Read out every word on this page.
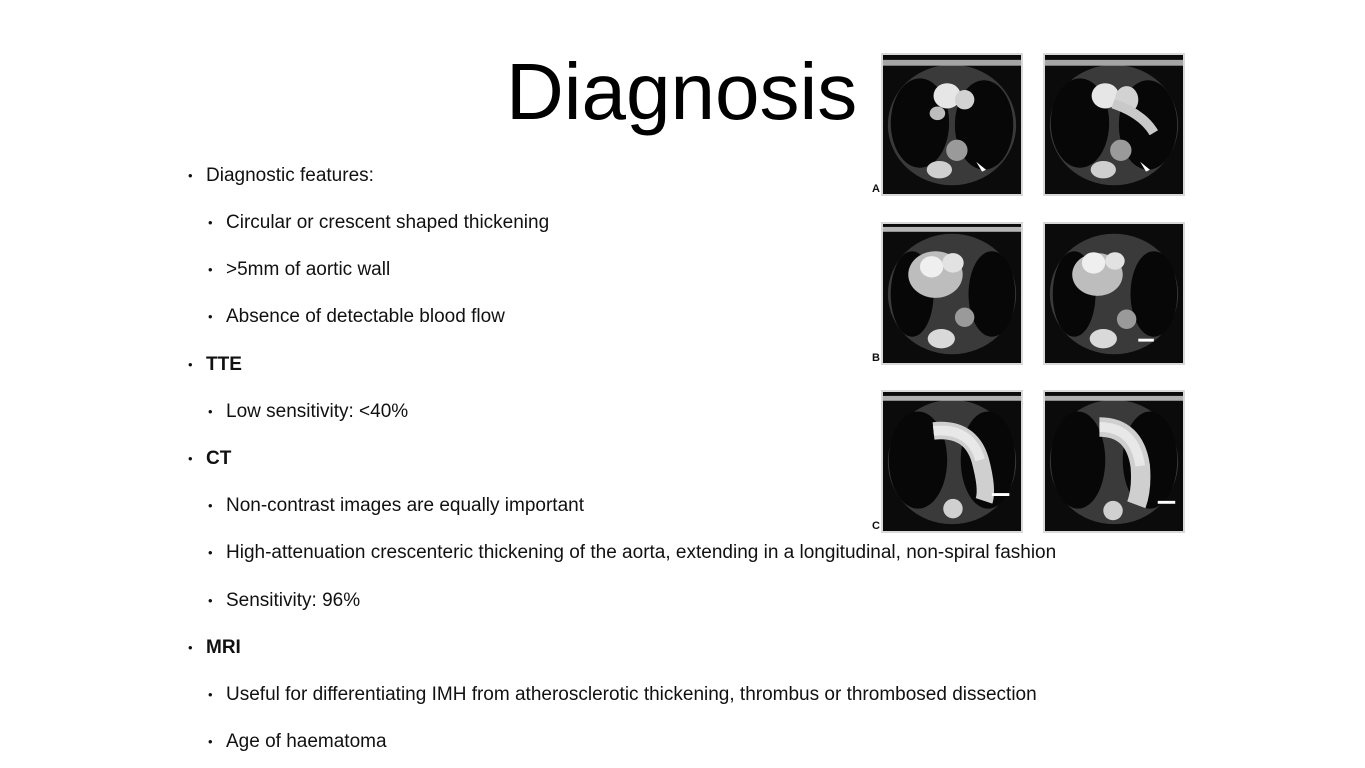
Diagnosis
• Diagnostic features:
• Circular or crescent shaped thickening
• >5mm of aortic wall
• Absence of detectable blood flow
• TTE
• Low sensitivity: <40%
• CT
• Non-contrast images are equally important
• High-attenuation crescenteric thickening of the aorta, extending in a longitudinal, non-spiral fashion
• Sensitivity: 96%
• MRI
• Useful for differentiating IMH from atherosclerotic thickening, thrombus or thrombosed dissection
• Age of haematoma
A
B
C
